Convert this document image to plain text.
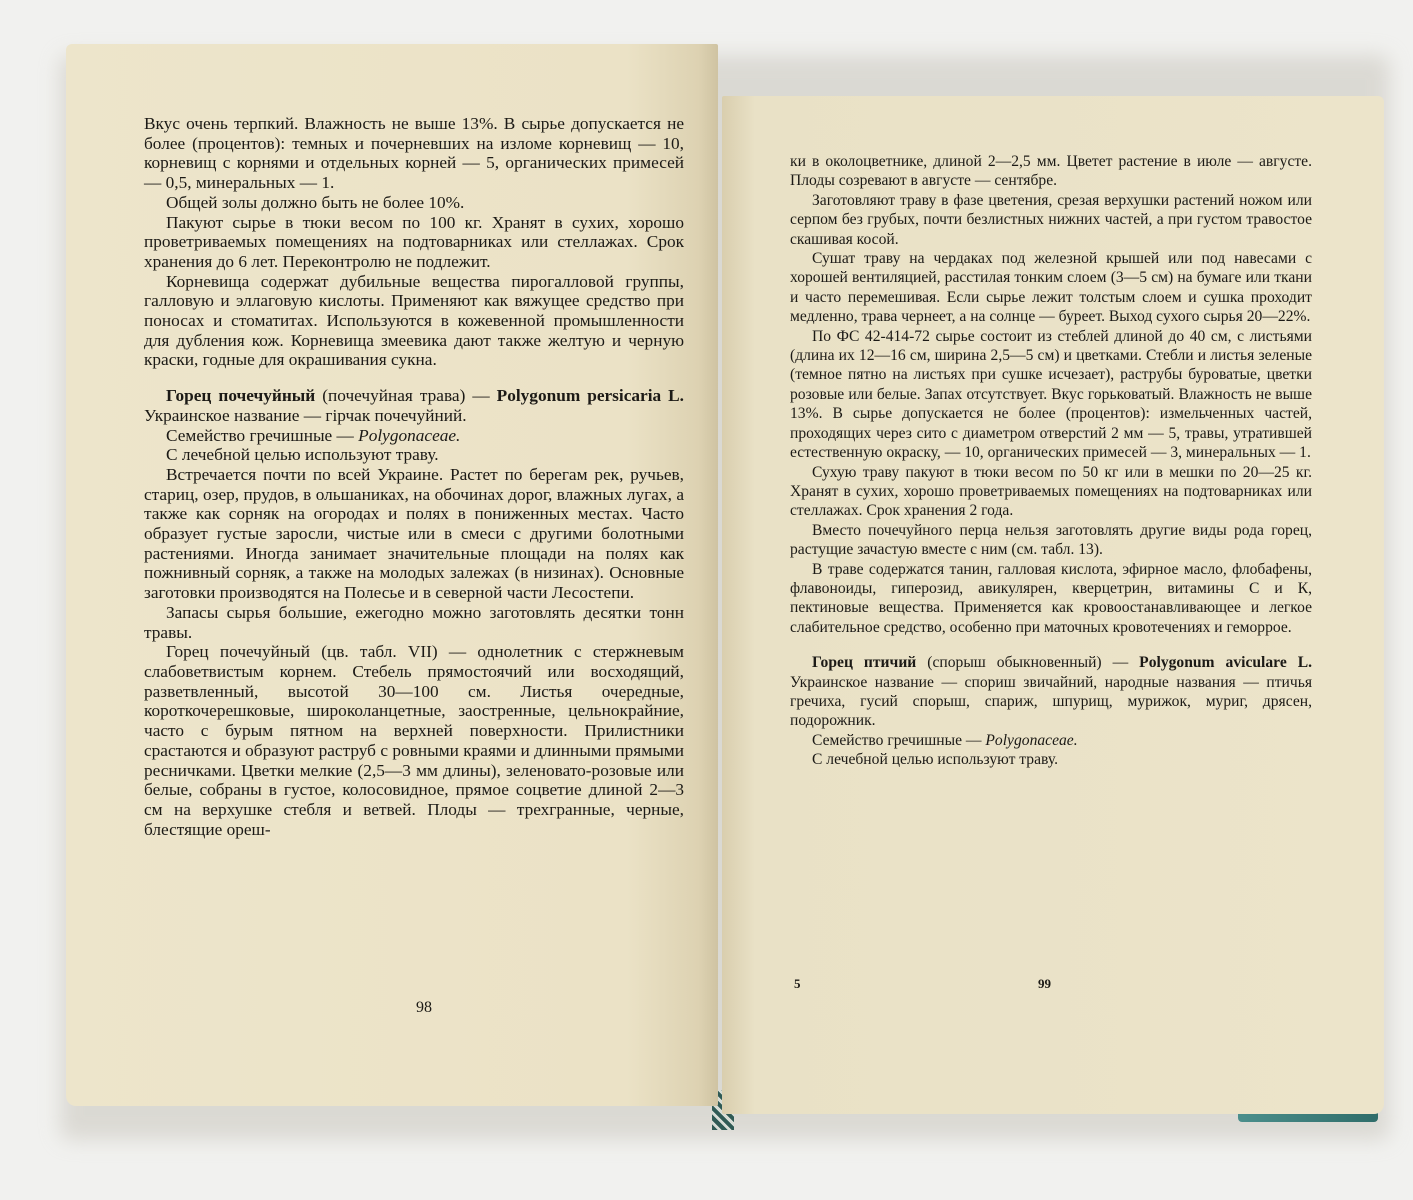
Вкус очень терпкий. Влажность не выше 13%. В сырье допускается не более (процентов): темных и почерневших на изломе корневищ — 10, корневищ с корнями и отдельных корней — 5, органических примесей — 0,5, минеральных — 1.

Общей золы должно быть не более 10%.

Пакуют сырье в тюки весом по 100 кг. Хранят в сухих, хорошо проветриваемых помещениях на подтоварниках или стеллажах. Срок хранения до 6 лет. Переконтролю не подлежит.

Корневища содержат дубильные вещества пирогалловой группы, галловую и эллаговую кислоты. Применяют как вяжущее средство при поносах и стоматитах. Используются в кожевенной промышленности для дубления кож. Корневища змеевика дают также желтую и черную краски, годные для окрашивания сукна.

Горец почечуйный (почечуйная трава) — Polygonum persicaria L. Украинское название — гірчак почечуйний.

Семейство гречишные — Polygonaceae.

С лечебной целью используют траву.

Встречается почти по всей Украине. Растет по берегам рек, ручьев, стариц, озер, прудов, в ольшаниках, на обочинах дорог, влажных лугах, а также как сорняк на огородах и полях в пониженных местах. Часто образует густые заросли, чистые или в смеси с другими болотными растениями. Иногда занимает значительные площади на полях как пожнивный сорняк, а также на молодых залежах (в низинах). Основные заготовки производятся на Полесье и в северной части Лесостепи.

Запасы сырья большие, ежегодно можно заготовлять десятки тонн травы.

Горец почечуйный (цв. табл. VII) — однолетник с стержневым слабоветвистым корнем. Стебель прямостоячий или восходящий, разветвленный, высотой 30—100 см. Листья очередные, короткочерешковые, широколанцетные, заостренные, цельнокрайние, часто с бурым пятном на верхней поверхности. Прилистники срастаются и образуют раструб с ровными краями и длинными прямыми ресничками. Цветки мелкие (2,5—3 мм длины), зеленовато-розовые или белые, собраны в густое, колосовидное, прямое соцветие длиной 2—3 см на верхушке стебля и ветвей. Плоды — трехгранные, черные, блестящие ореш-

98

ки в околоцветнике, длиной 2—2,5 мм. Цветет растение в июле — августе. Плоды созревают в августе — сентябре.

Заготовляют траву в фазе цветения, срезая верхушки растений ножом или серпом без грубых, почти безлистных нижних частей, а при густом травостое скашивая косой.

Сушат траву на чердаках под железной крышей или под навесами с хорошей вентиляцией, расстилая тонким слоем (3—5 см) на бумаге или ткани и часто перемешивая. Если сырье лежит толстым слоем и сушка проходит медленно, трава чернеет, а на солнце — буреет. Выход сухого сырья 20—22%.

По ФС 42-414-72 сырье состоит из стеблей длиной до 40 см, с листьями (длина их 12—16 см, ширина 2,5—5 см) и цветками. Стебли и листья зеленые (темное пятно на листьях при сушке исчезает), раструбы буроватые, цветки розовые или белые. Запах отсутствует. Вкус горьковатый. Влажность не выше 13%. В сырье допускается не более (процентов): измельченных частей, проходящих через сито с диаметром отверстий 2 мм — 5, травы, утратившей естественную окраску, — 10, органических примесей — 3, минеральных — 1.

Сухую траву пакуют в тюки весом по 50 кг или в мешки по 20—25 кг. Хранят в сухих, хорошо проветриваемых помещениях на подтоварниках или стеллажах. Срок хранения 2 года.

Вместо почечуйного перца нельзя заготовлять другие виды рода горец, растущие зачастую вместе с ним (см. табл. 13).

В траве содержатся танин, галловая кислота, эфирное масло, флобафены, флавоноиды, гиперозид, авикулярен, кверцетрин, витамины С и К, пектиновые вещества. Применяется как кровоостанавливающее и легкое слабительное средство, особенно при маточных кровотечениях и геморрое.

Горец птичий (спорыш обыкновенный) — Polygonum aviculare L. Украинское название — спориш звичайний, народные названия — птичья гречиха, гусий спорыш, спариж, шпурищ, мурижок, муриг, дрясен, подорожник.

Семейство гречишные — Polygonaceae.

С лечебной целью используют траву.

5	99
